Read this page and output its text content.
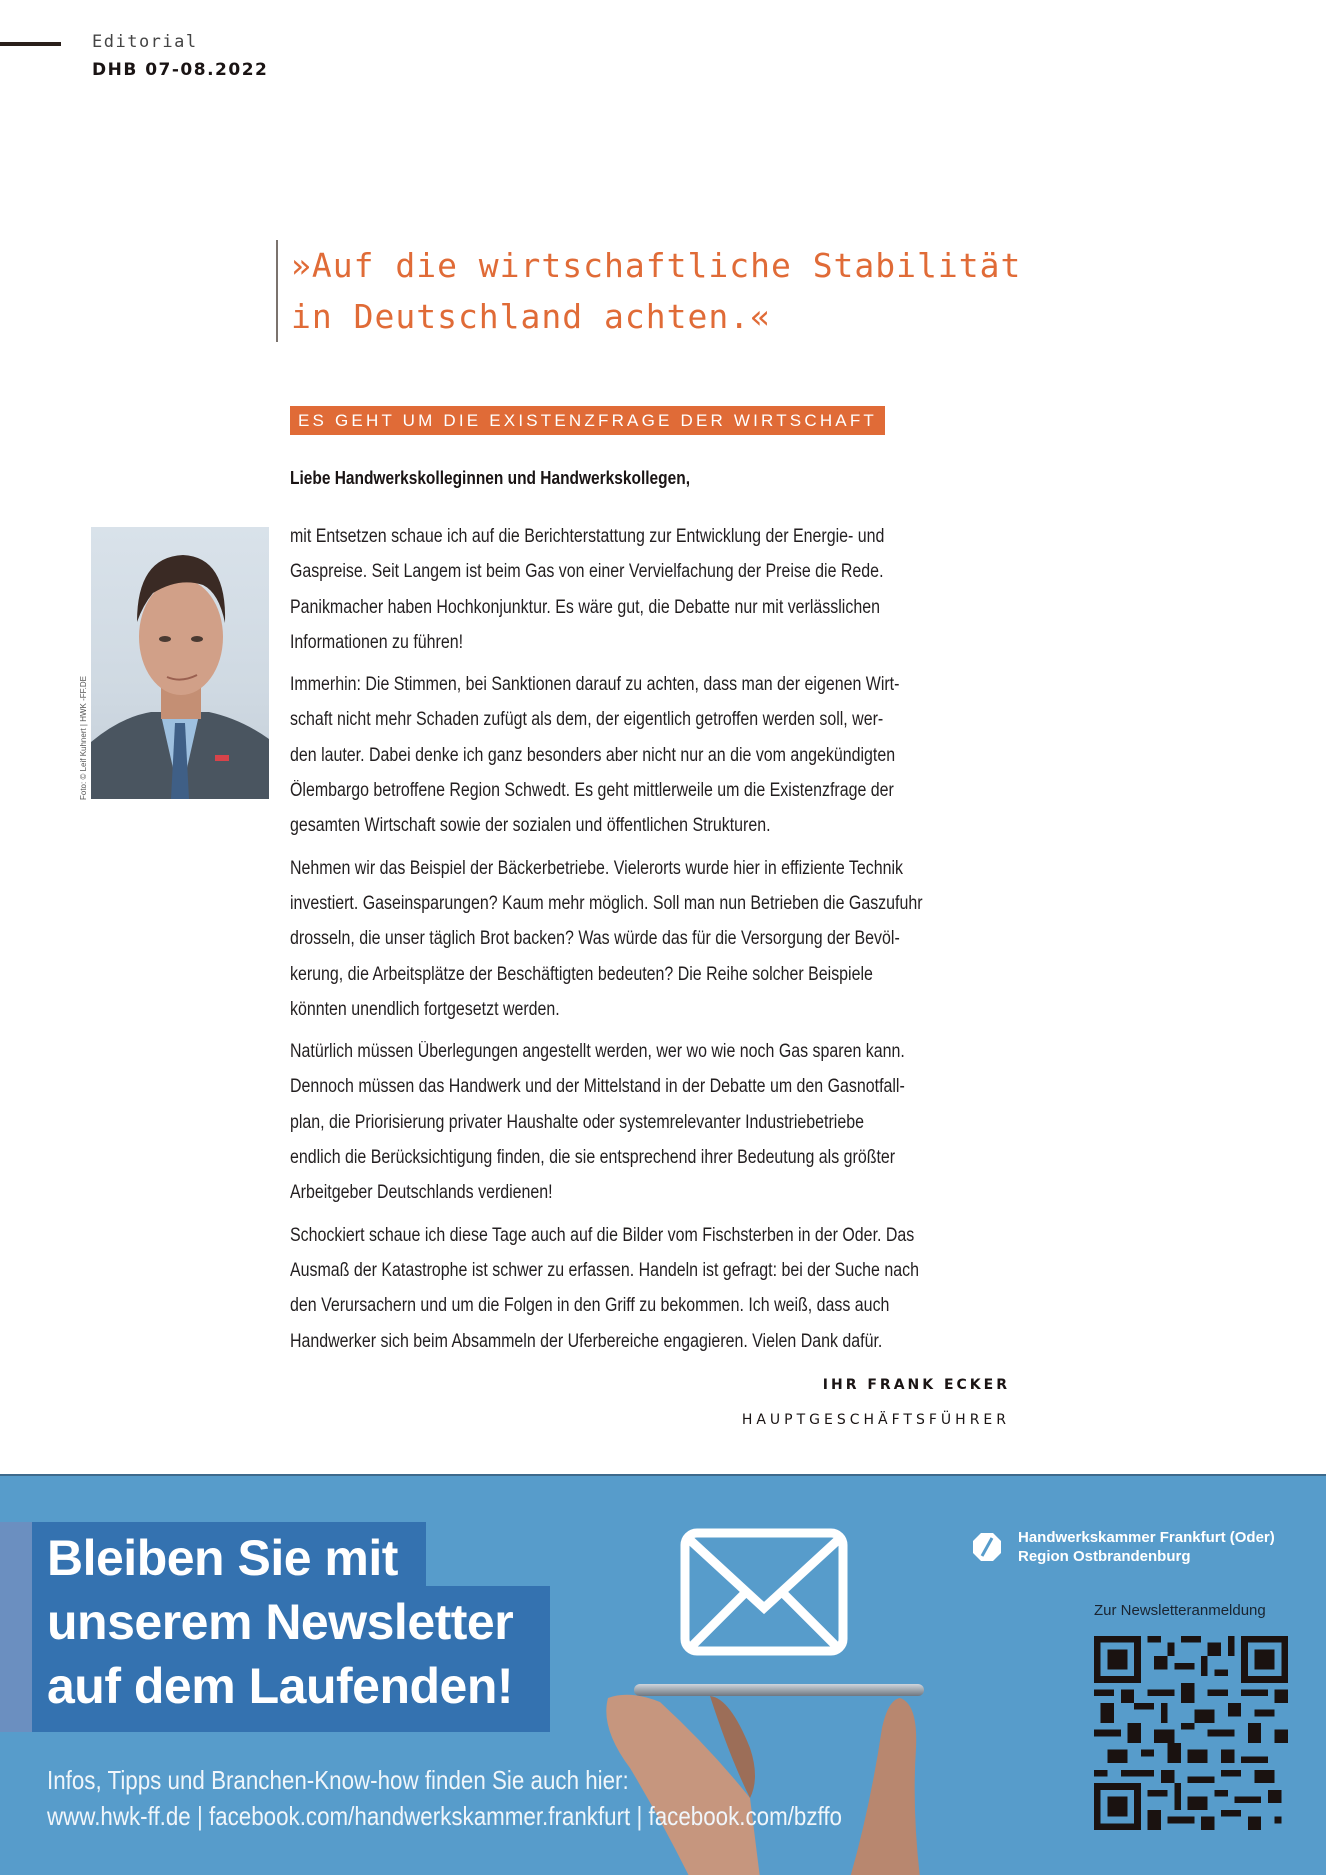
Editorial
DHB 07-08.2022
»Auf die wirtschaftliche Stabilität
in Deutschland achten.«
ES GEHT UM DIE EXISTENZFRAGE DER WIRTSCHAFT
Liebe Handwerkskolleginnen und Handwerkskollegen,
Foto: © Leif Kuhnert | HWK -FF.DE

mit Entsetzen schaue ich auf die Berichterstattung zur Entwicklung der Energie- und
Gaspreise. Seit Langem ist beim Gas von einer Vervielfachung der Preise die Rede.
Panikmacher haben Hochkonjunktur. Es wäre gut, die Debatte nur mit verlässlichen
Informationen zu führen!

Immerhin: Die Stimmen, bei Sanktionen darauf zu achten, dass man der eigenen Wirt-
schaft nicht mehr Schaden zufügt als dem, der eigentlich getroffen werden soll, wer-
den lauter. Dabei denke ich ganz besonders aber nicht nur an die vom angekündigten
Ölembargo betroffene Region Schwedt. Es geht mittlerweile um die Existenzfrage der
gesamten Wirtschaft sowie der sozialen und öffentlichen Strukturen.

Nehmen wir das Beispiel der Bäckerbetriebe. Vielerorts wurde hier in effiziente Technik
investiert. Gaseinsparungen? Kaum mehr möglich. Soll man nun Betrieben die Gaszufuhr
drosseln, die unser täglich Brot backen? Was würde das für die Versorgung der Bevöl-
kerung, die Arbeitsplätze der Beschäftigten bedeuten? Die Reihe solcher Beispiele
könnten unendlich fortgesetzt werden.

Natürlich müssen Überlegungen angestellt werden, wer wo wie noch Gas sparen kann.
Dennoch müssen das Handwerk und der Mittelstand in der Debatte um den Gasnotfall-
plan, die Priorisierung privater Haushalte oder systemrelevanter Industriebetriebe
endlich die Berücksichtigung finden, die sie entsprechend ihrer Bedeutung als größter
Arbeitgeber Deutschlands verdienen!

Schockiert schaue ich diese Tage auch auf die Bilder vom Fischsterben in der Oder. Das
Ausmaß der Katastrophe ist schwer zu erfassen. Handeln ist gefragt: bei der Suche nach
den Verursachern und um die Folgen in den Griff zu bekommen. Ich weiß, dass auch
Handwerker sich beim Absammeln der Uferbereiche engagieren. Vielen Dank dafür.

IHR FRANK ECKER
HAUPTGESCHÄFTSFÜHRER
Bleiben Sie mit
unserem Newsletter
auf dem Laufenden!
Infos, Tipps und Branchen-Know-how finden Sie auch hier:
www.hwk-ff.de | facebook.com/handwerkskammer.frankfurt | facebook.com/bzffo
Handwerkskammer Frankfurt (Oder)
Region Ostbrandenburg
Zur Newsletteranmeldung
